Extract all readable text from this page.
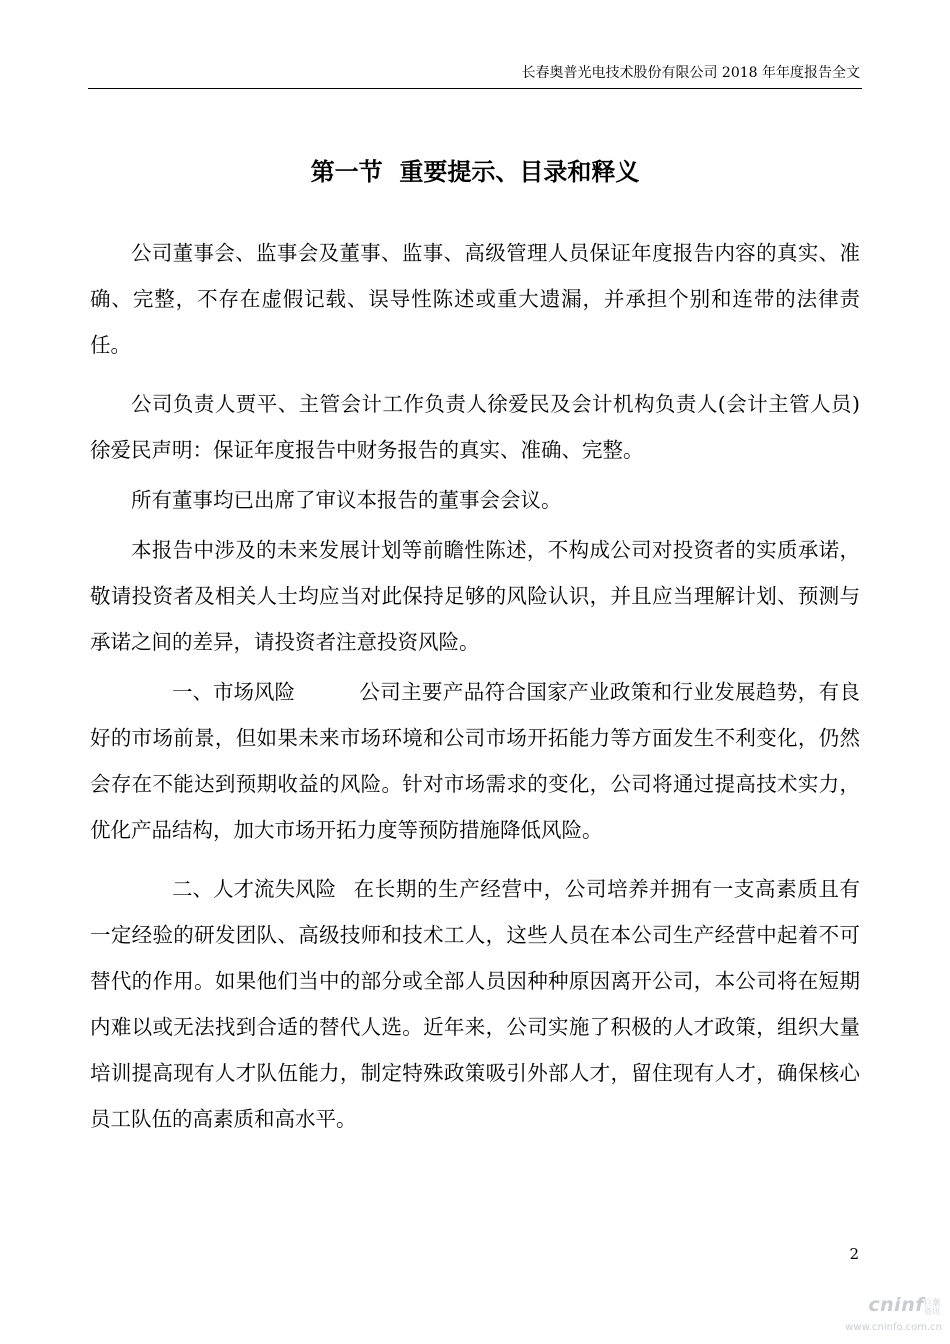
长春奥普光电技术股份有限公司 2018 年年度报告全文
第一节  重要提示、目录和释义

公司董事会、监事会及董事、监事、高级管理人员保证年度报告内容的真实、准确、完整，不存在虚假记载、误导性陈述或重大遗漏，并承担个别和连带的法律责任。

公司负责人贾平、主管会计工作负责人徐爱民及会计机构负责人(会计主管人员)徐爱民声明：保证年度报告中财务报告的真实、准确、完整。

所有董事均已出席了审议本报告的董事会会议。

本报告中涉及的未来发展计划等前瞻性陈述，不构成公司对投资者的实质承诺，敬请投资者及相关人士均应当对此保持足够的风险认识，并且应当理解计划、预测与承诺之间的差异，请投资者注意投资风险。

一、市场风险	公司主要产品符合国家产业政策和行业发展趋势，有良好的市场前景，但如果未来市场环境和公司市场开拓能力等方面发生不利变化，仍然会存在不能达到预期收益的风险。针对市场需求的变化，公司将通过提高技术实力，优化产品结构，加大市场开拓力度等预防措施降低风险。

二、人才流失风险 在长期的生产经营中，公司培养并拥有一支高素质且有一定经验的研发团队、高级技师和技术工人，这些人员在本公司生产经营中起着不可替代的作用。如果他们当中的部分或全部人员因种种原因离开公司，本公司将在短期内难以或无法找到合适的替代人选。近年来，公司实施了积极的人才政策，组织大量培训提高现有人才队伍能力，制定特殊政策吸引外部人才，留住现有人才，确保核心员工队伍的高素质和高水平。

2
cninf 巨潮资讯
www.cninfo.com.cn
